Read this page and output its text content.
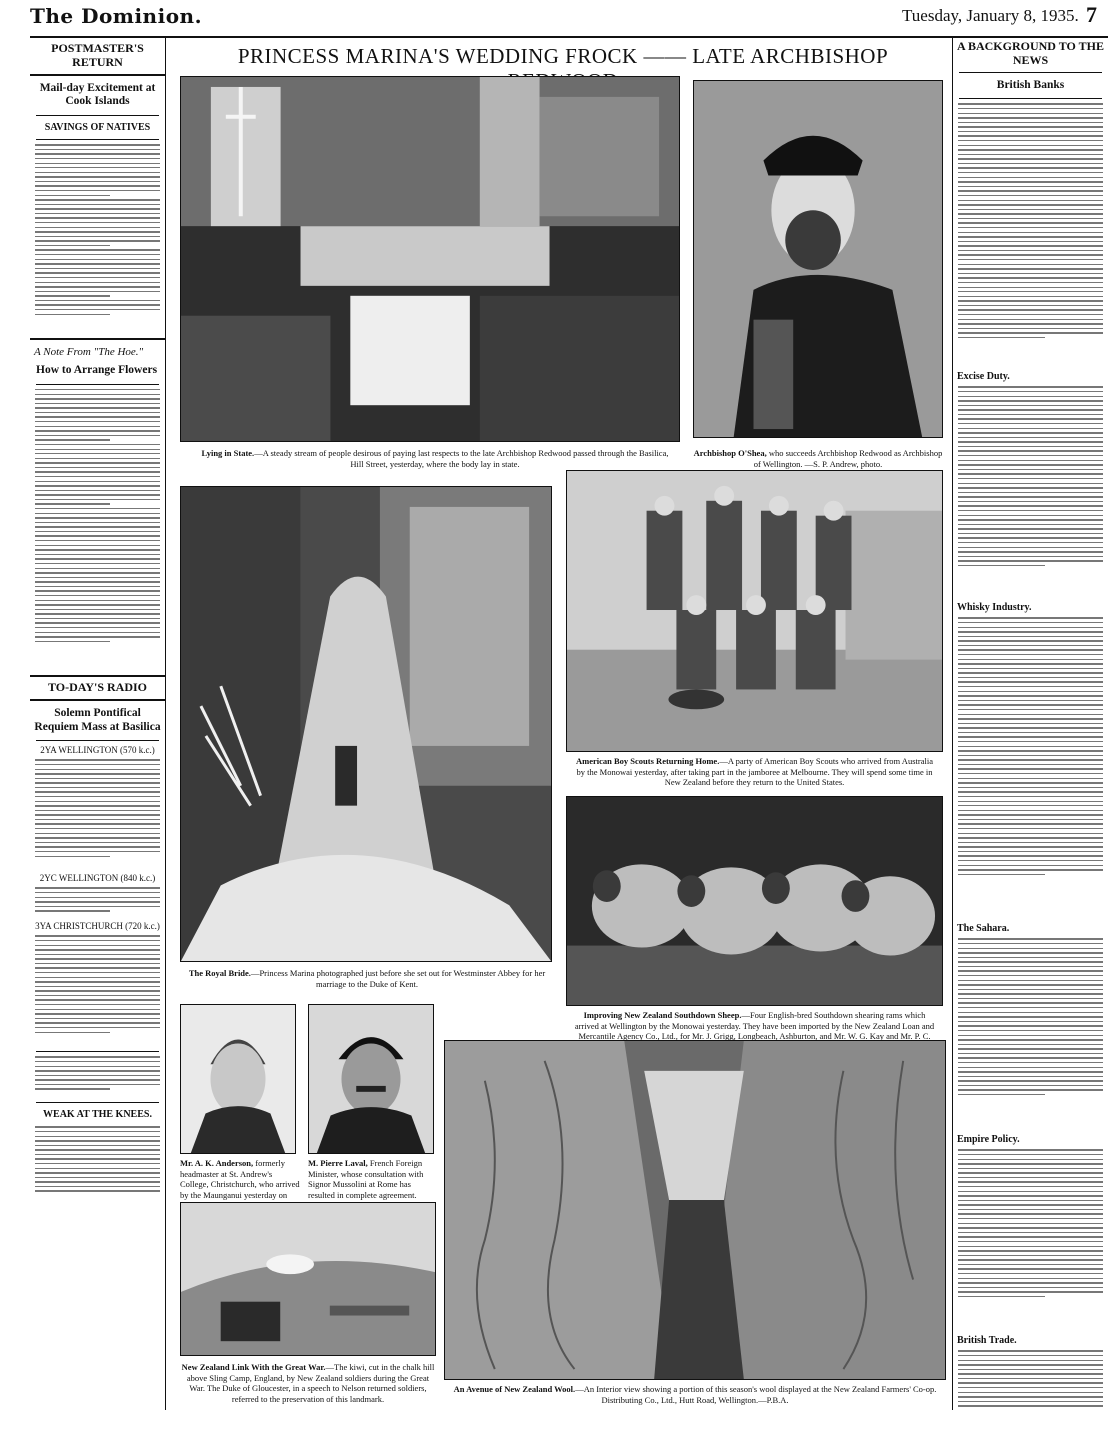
The Dominion.	Tuesday, January 8, 1935. 7
POSTMASTER'S RETURN
Mail-day Excitement at Cook Islands
SAVINGS OF NATIVES
A Note From "The Hoe."
How to Arrange Flowers
TO-DAY'S RADIO
Solemn Pontifical Requiem Mass at Basilica
2YA WELLINGTON (570 k.c.)
2YC WELLINGTON (840 k.c.)
3YA CHRISTCHURCH (720 k.c.)
WEAK AT THE KNEES.
A BACKGROUND TO THE NEWS
British Banks
Excise Duty.
Whisky Industry.
The Sahara.
Empire Policy.
British Trade.
PRINCESS MARINA'S WEDDING FROCK —— LATE ARCHBISHOP
Lying in State.—A steady stream of people desirous of paying last respects to the late Archbishop Redwood passed through the Basilica, Hill Street, yesterday, where the body lay in state.
Archbishop O'Shea, who succeeds Archbishop Redwood as Archbishop of Wellington. —S. P. Andrew, photo.
The Royal Bride.—Princess Marina photographed just before she set out for Westminster Abbey for her marriage to the Duke of Kent.
American Boy Scouts Returning Home.—A party of American Boy Scouts who arrived from Australia by the Monowai yesterday, after taking part in the jamboree at Melbourne. They will spend some time in New Zealand before they return to the United States.
Improving New Zealand Southdown Sheep.—Four English-bred Southdown shearing rams which arrived at Wellington by the Monowai yesterday. They have been imported by the New Zealand Loan and Mercantile Agency Co., Ltd., for Mr. J. Grigg, Longbeach, Ashburton, and Mr. W. G. Kay and Mr. P. C.
Mr. A. K. Anderson, formerly headmaster at St. Andrew's College, Christchurch, who arrived by the Maunganui yesterday on
M. Pierre Laval, French Foreign Minister, whose consultation with Signor Mussolini at Rome has resulted in complete agreement.
New Zealand Link With the Great War.—The kiwi, cut in the chalk hill above Sling Camp, England, by New Zealand soldiers during the Great War. The Duke of Gloucester, in a speech to Nelson returned soldiers, referred to the preservation of this landmark.
An Avenue of New Zealand Wool.—An Interior view showing a portion of this season's wool displayed at the New Zealand Farmers' Co-op. Distributing Co., Ltd., Hutt Road, Wellington.—P.B.A.
